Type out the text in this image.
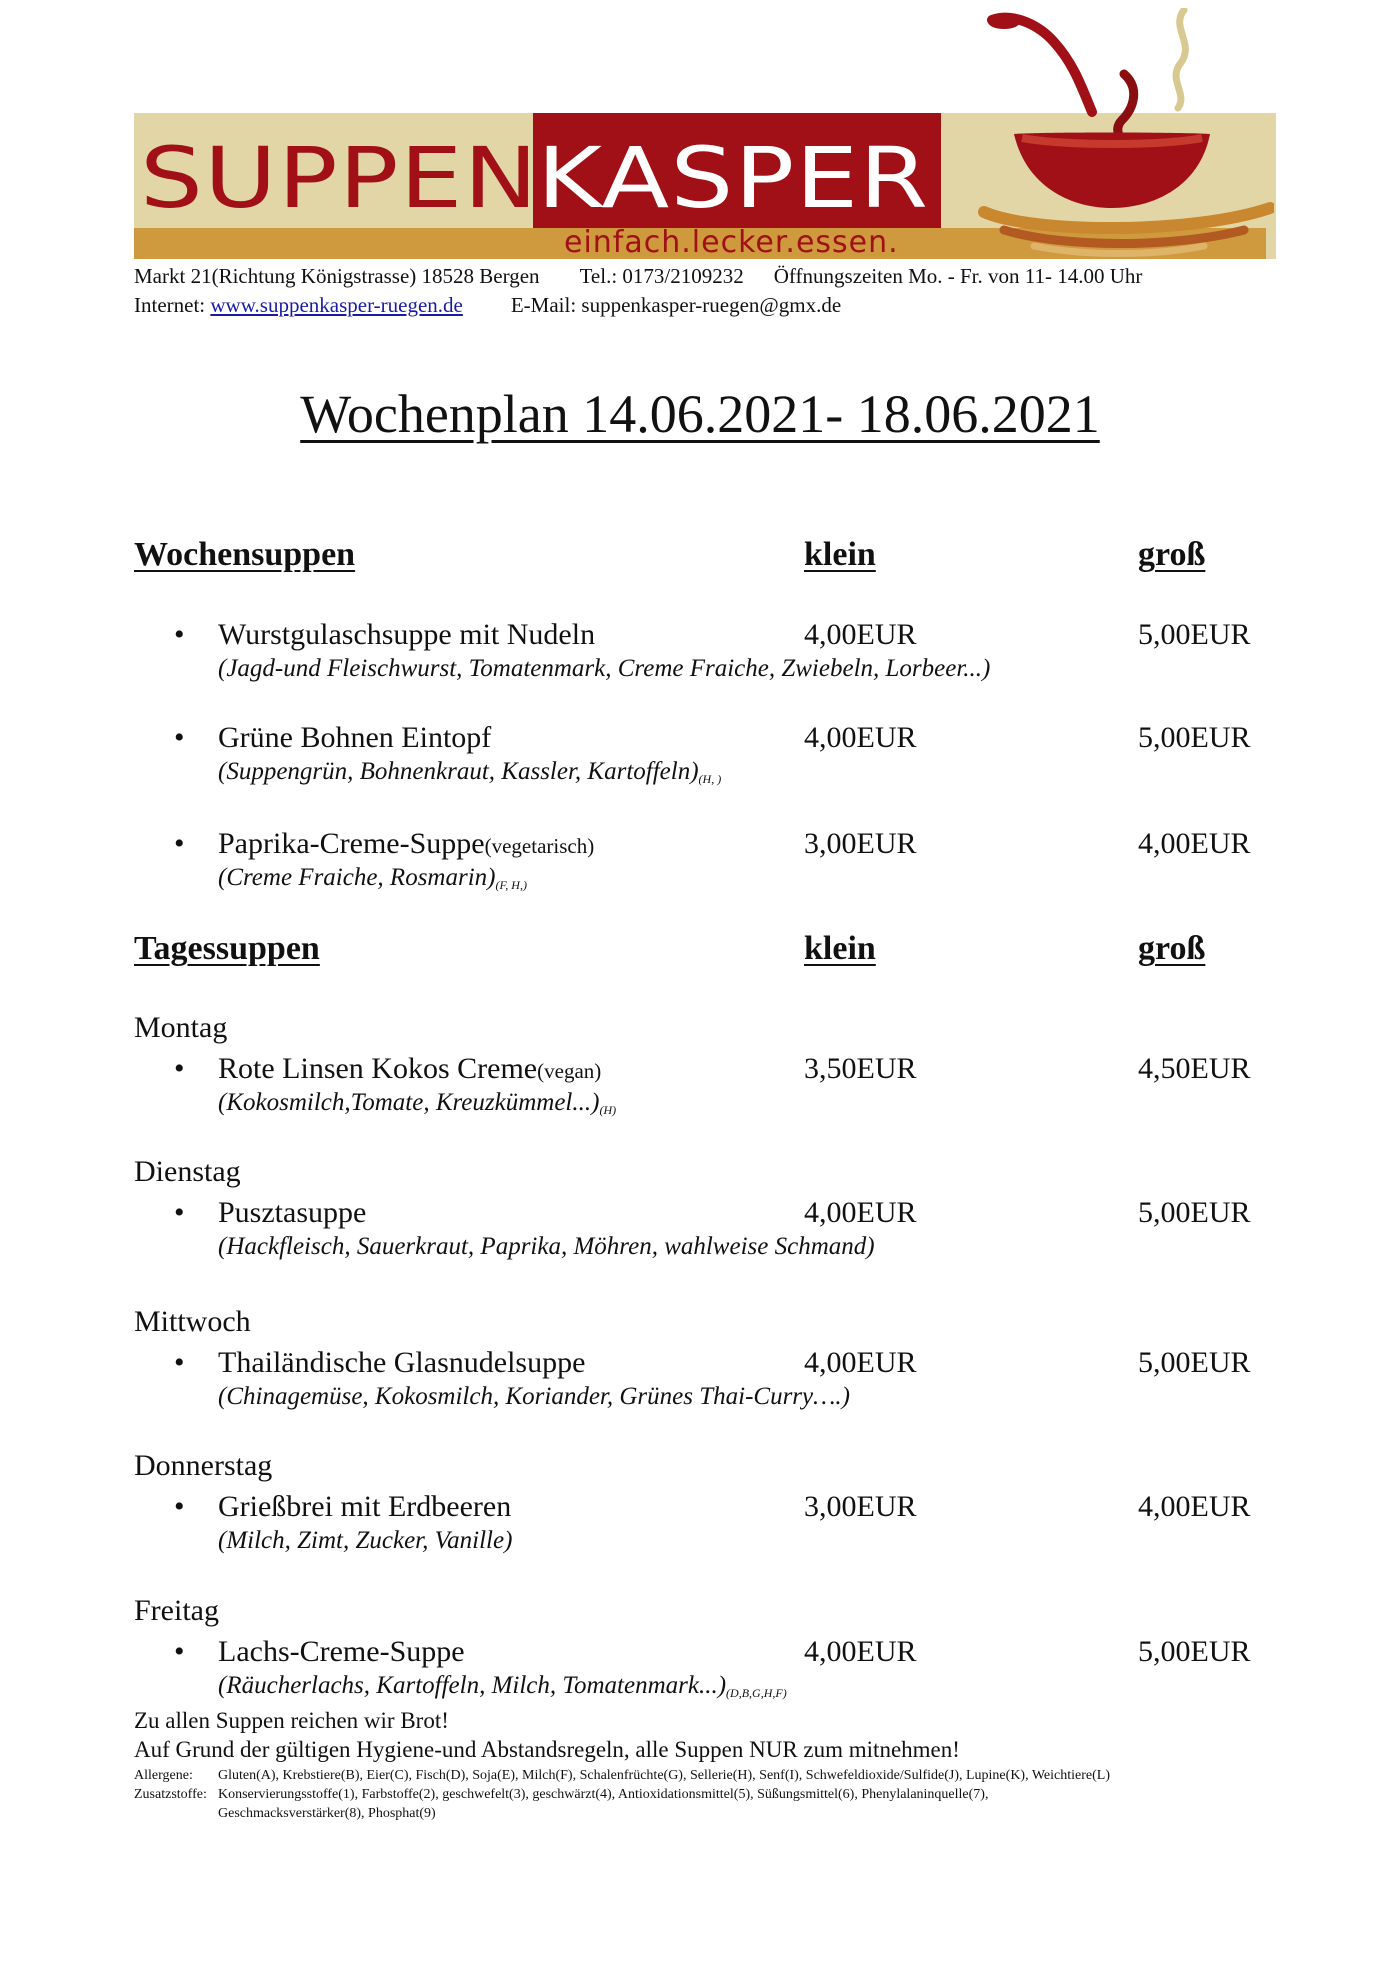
SUPPEN
KASPER
einfach.lecker.essen.
Markt 21(Richtung Königstrasse) 18528 Bergen Tel.: 0173/2109232 Öffnungszeiten Mo. - Fr. von 11- 14.00 Uhr
Internet: www.suppenkasper-ruegen.de E-Mail: suppenkasper-ruegen@gmx.de
Wochenplan 14.06.2021- 18.06.2021
Wochensuppen	klein	groß
• Wurstgulaschsuppe mit Nudeln	4,00EUR	5,00EUR
(Jagd-und Fleischwurst, Tomatenmark, Creme Fraiche, Zwiebeln, Lorbeer...)
• Grüne Bohnen Eintopf	4,00EUR	5,00EUR
(Suppengrün, Bohnenkraut, Kassler, $Kartoffeln)_{(H, )}$
• Paprika-Creme-Suppe(vegetarisch)	3,00EUR	4,00EUR
(Creme Fraiche, $Rosmarin)_{(F, H,)}$
Tagessuppen	klein	groß
Montag
• Rote Linsen Kokos Creme(vegan)	3,50EUR	4,50EUR
(Kokosmilch,Tomate, $Kreuzkümmel...)_{(H)}$
Dienstag
• Pusztasuppe	4,00EUR	5,00EUR
(Hackfleisch, Sauerkraut, Paprika, Möhren, wahlweise Schmand)
Mittwoch
• Thailändische Glasnudelsuppe	4,00EUR	5,00EUR
(Chinagemüse, Kokosmilch, Koriander, Grünes Thai-Curry….)
Donnerstag
• Grießbrei mit Erdbeeren	3,00EUR	4,00EUR
(Milch, Zimt, Zucker, Vanille)
Freitag
• Lachs-Creme-Suppe	4,00EUR	5,00EUR
(Räucherlachs, Kartoffeln, Milch, $Tomatenmark...)_{(D,B,G,H,F)}$
Zu allen Suppen reichen wir Brot!
Auf Grund der gültigen Hygiene-und Abstandsregeln, alle Suppen NUR zum mitnehmen!
Allergene: Gluten(A), Krebstiere(B), Eier(C), Fisch(D), Soja(E), Milch(F), Schalenfrüchte(G), Sellerie(H), Senf(I), Schwefeldioxide/Sulfide(J), Lupine(K), Weichtiere(L)
Zusatzstoffe: Konservierungsstoffe(1), Farbstoffe(2), geschwefelt(3), geschwärzt(4), Antioxidationsmittel(5), Süßungsmittel(6), Phenylalaninquelle(7),
Geschmacksverstärker(8), Phosphat(9)
